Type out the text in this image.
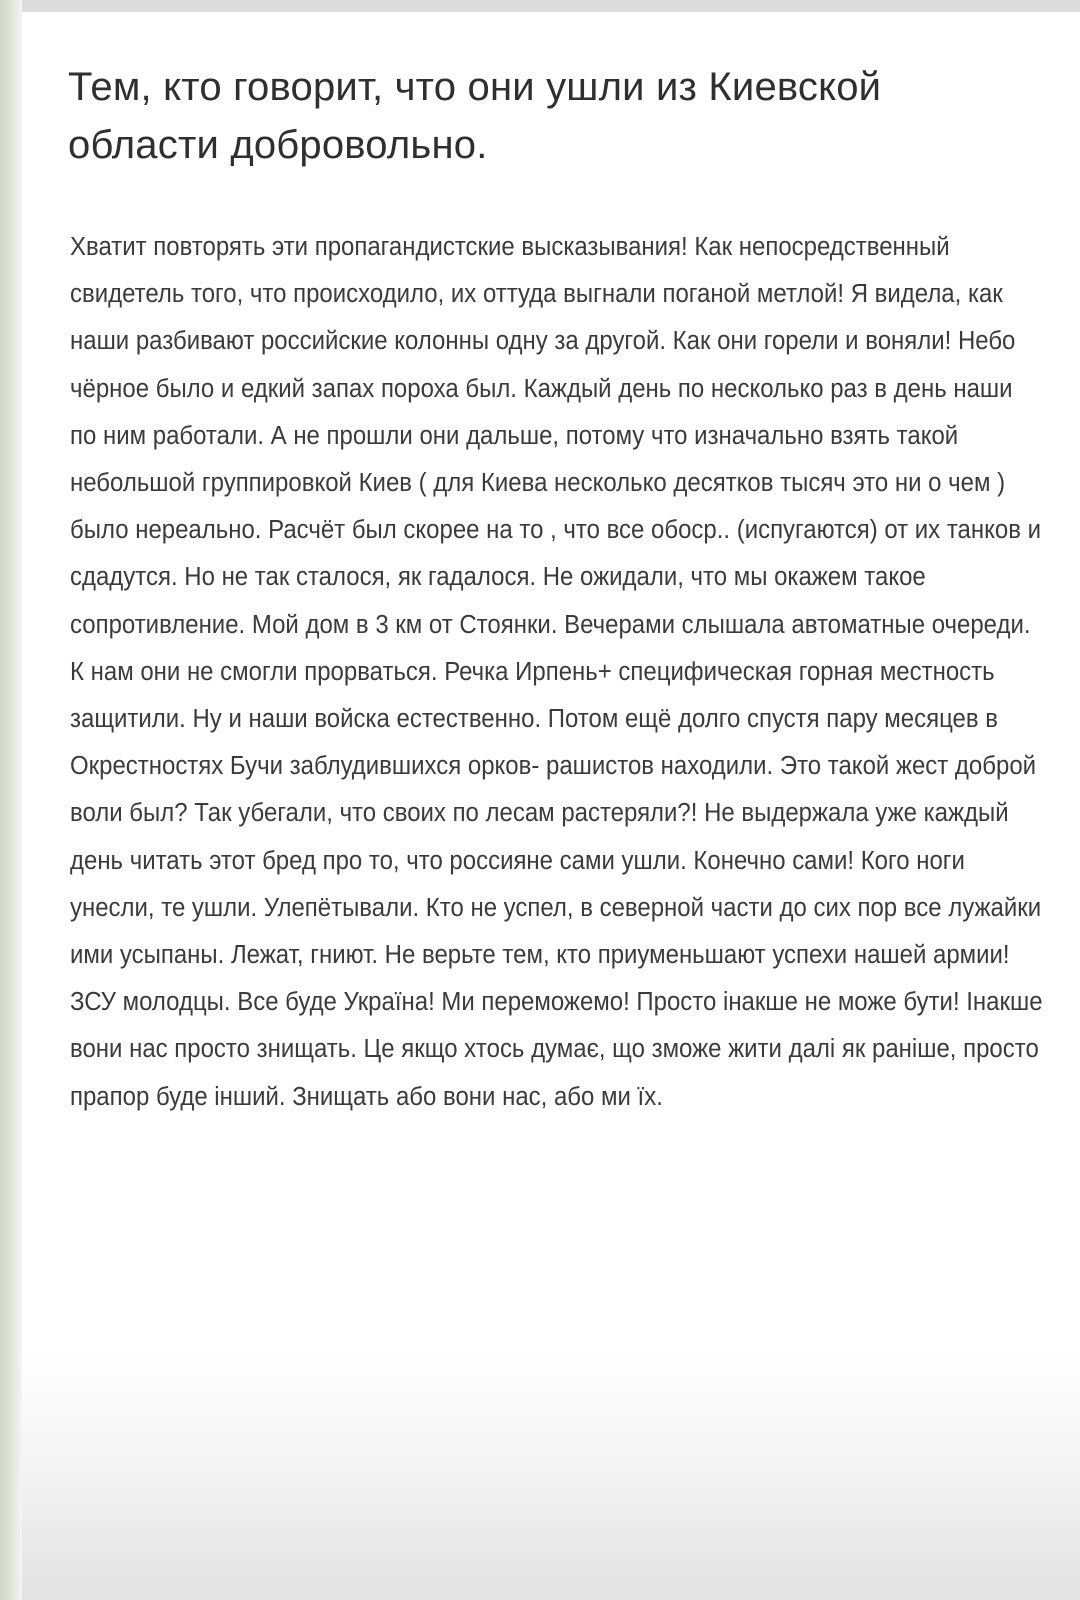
Тем, кто говорит, что они ушли из Киевской области добровольно.

Хватит повторять эти пропагандистские высказывания! Как непосредственный свидетель того, что происходило, их оттуда выгнали поганой метлой! Я видела, как наши разбивают российские колонны одну за другой. Как они горели и воняли! Небо чёрное было и едкий запах пороха был. Каждый день по несколько раз в день наши по ним работали. А не прошли они дальше, потому что изначально взять такой небольшой группировкой Киев ( для Киева несколько десятков тысяч это ни о чем ) было нереально. Расчёт был скорее на то , что все обоср.. (испугаются) от их танков и сдадутся. Но не так сталося, як гадалося. Не ожидали, что мы окажем такое сопротивление. Мой дом в 3 км от Стоянки. Вечерами слышала автоматные очереди. К нам они не смогли прорваться. Речка Ирпень+ специфическая горная местность защитили. Ну и наши войска естественно. Потом ещё долго спустя пару месяцев в Окрестностях Бучи заблудившихся орков- рашистов находили. Это такой жест доброй воли был? Так убегали, что своих по лесам растеряли?! Не выдержала уже каждый день читать этот бред про то, что россияне сами ушли. Конечно сами! Кого ноги унесли, те ушли. Улепётывали. Кто не успел, в северной части до сих пор все лужайки ими усыпаны. Лежат, гниют. Не верьте тем, кто приуменьшают успехи нашей армии! ЗСУ молодцы. Все буде Україна! Ми переможемо! Просто інакше не може бути! Інакше вони нас просто знищать. Це якщо хтось думає, що зможе жити далі як раніше, просто прапор буде інший. Знищать або вони нас, або ми їх.
